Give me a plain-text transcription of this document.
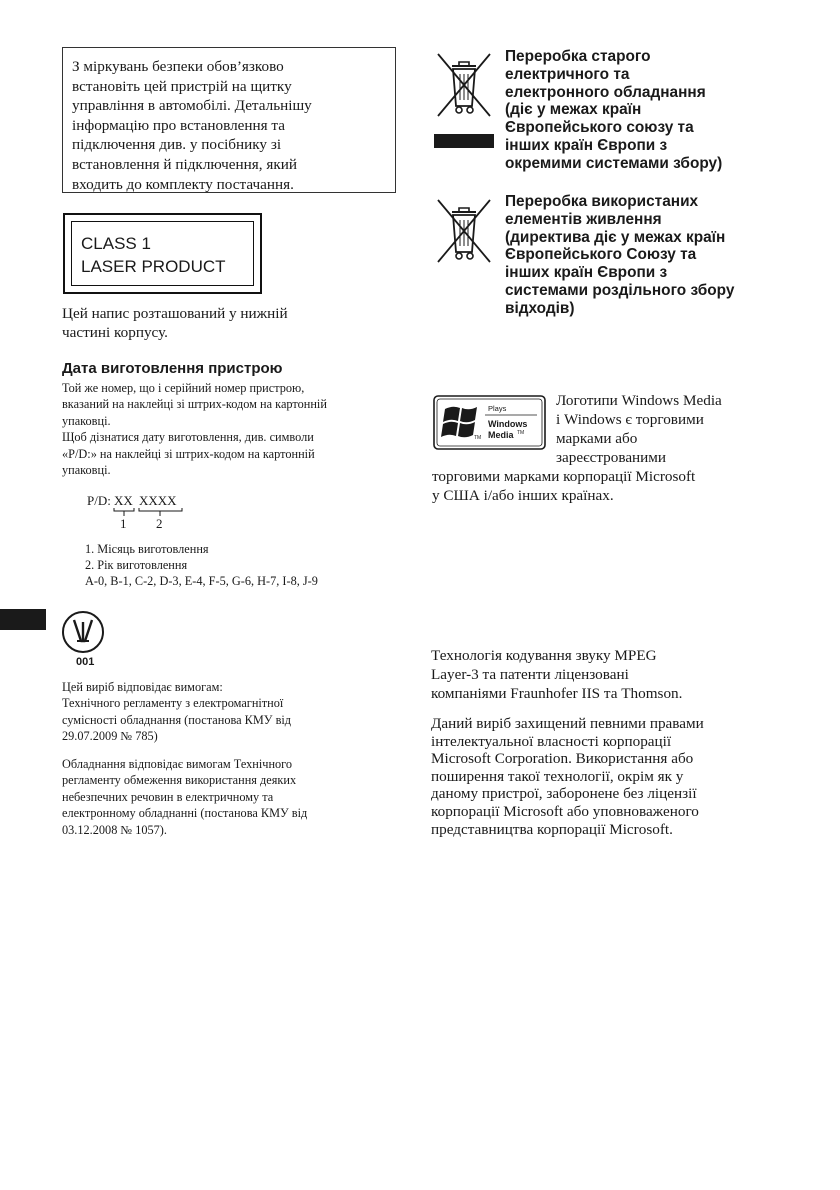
З міркувань безпеки обов’язково

встановіть цей пристрій на щитку

управління в автомобілі. Детальнішу

інформацію про встановлення та

підключення див. у посібнику зі

встановлення й підключення, який

входить до комплекту постачання.

CLASS 1

LASER PRODUCT

Цей напис розташований у нижній

частині корпусу.

Дата виготовлення пристрою

Той же номер, що і серійний номер пристрою,

вказаний на наклейці зі штрих-кодом на картонній

упаковці.

Щоб дізнатися дату виготовлення, див. символи

«P/D:» на наклейці зі штрих-кодом на картонній

упаковці.

P/D: XX XXXX
1 2

1. Місяць виготовлення

2. Рік виготовлення

A-0, B-1, C-2, D-3, E-4, F-5, G-6, H-7, I-8, J-9

001

Цей виріб відповідає вимогам:

Технічного регламенту з електромагнітної

сумісності обладнання (постанова КМУ від

29.07.2009 № 785)

Обладнання відповідає вимогам Технічного

регламенту обмеження використання деяких

небезпечних речовин в електричному та

електронному обладнанні (постанова КМУ від

03.12.2008 № 1057).

Переробка старого

електричного та

електронного обладнання

(діє у межах країн

Європейського союзу та

інших країн Європи з

окремими системами збору)

Переробка використаних

елементів живлення

(директива діє у межах країн

Європейського Союзу та

інших країн Європи з

системами роздільного збору

відходів)

Plays
Windows
Media TM
TM

Логотипи Windows Media

і Windows є торговими

марками або

зареєстрованими

торговими марками корпорації Microsoft

у США і/або інших країнах.

Технологія кодування звуку MPEG

Layer-3 та патенти ліцензовані

компаніями Fraunhofer IIS та Thomson.

Даний виріб захищений певними правами

інтелектуальної власності корпорації

Microsoft Corporation. Використання або

поширення такої технології, окрім як у

даному пристрої, заборонене без ліцензії

корпорації Microsoft або уповноваженого

представництва корпорації Microsoft.
